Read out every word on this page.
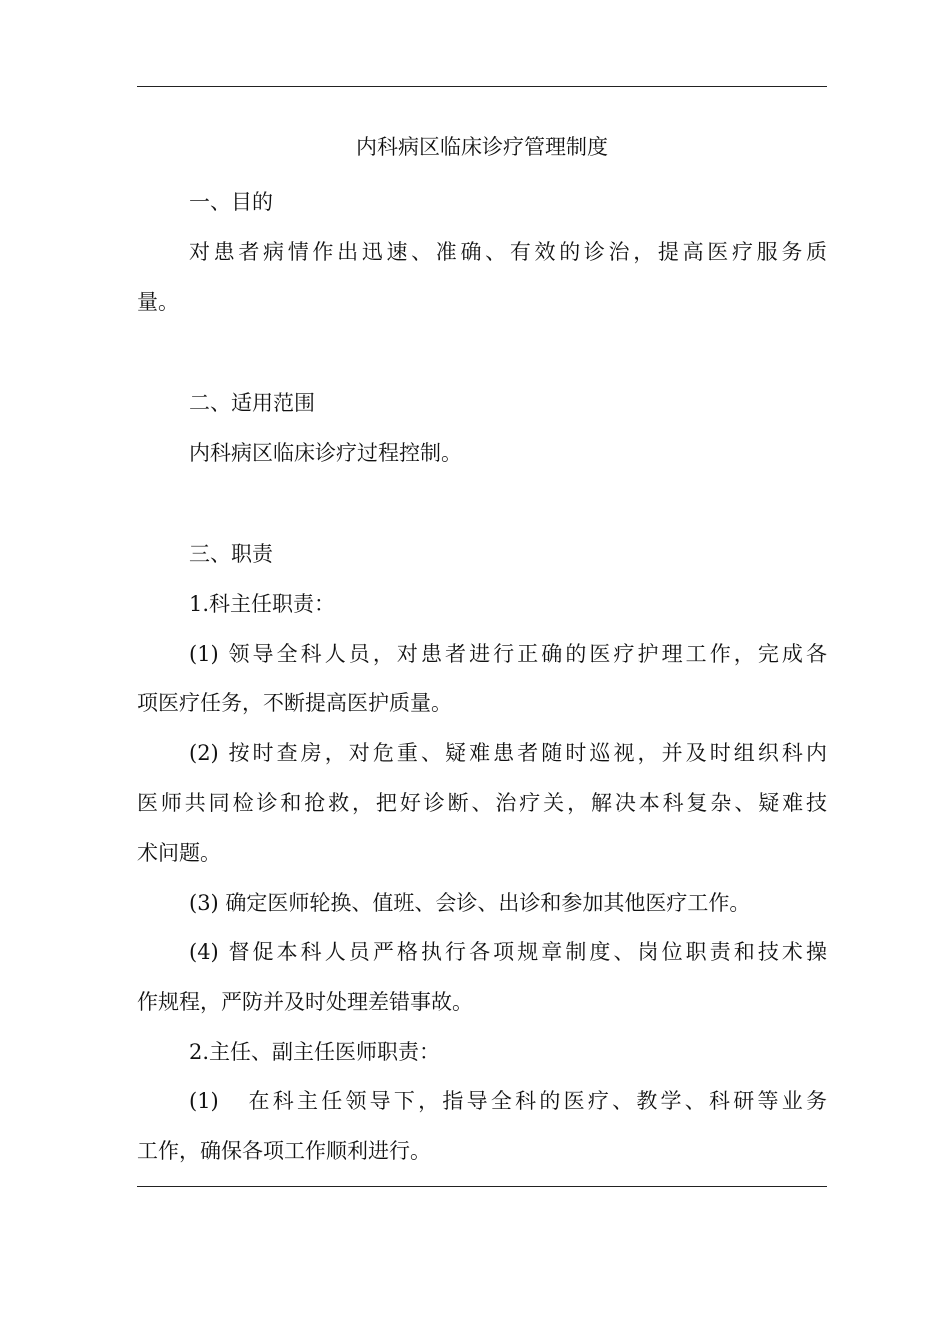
内科病区临床诊疗管理制度
一、目的
对患者病情作出迅速、准确、有效的诊治，提高医疗服务质
量。
二、适用范围
内科病区临床诊疗过程控制。
三、职责
1.科主任职责：
(1) 领导全科人员，对患者进行正确的医疗护理工作，完成各
项医疗任务，不断提高医护质量。
(2) 按时查房，对危重、疑难患者随时巡视，并及时组织科内
医师共同检诊和抢救，把好诊断、治疗关，解决本科复杂、疑难技
术问题。
(3) 确定医师轮换、值班、会诊、出诊和参加其他医疗工作。
(4) 督促本科人员严格执行各项规章制度、岗位职责和技术操
作规程，严防并及时处理差错事故。
2.主任、副主任医师职责：
(1)   在科主任领导下，指导全科的医疗、教学、科研等业务
工作，确保各项工作顺利进行。
